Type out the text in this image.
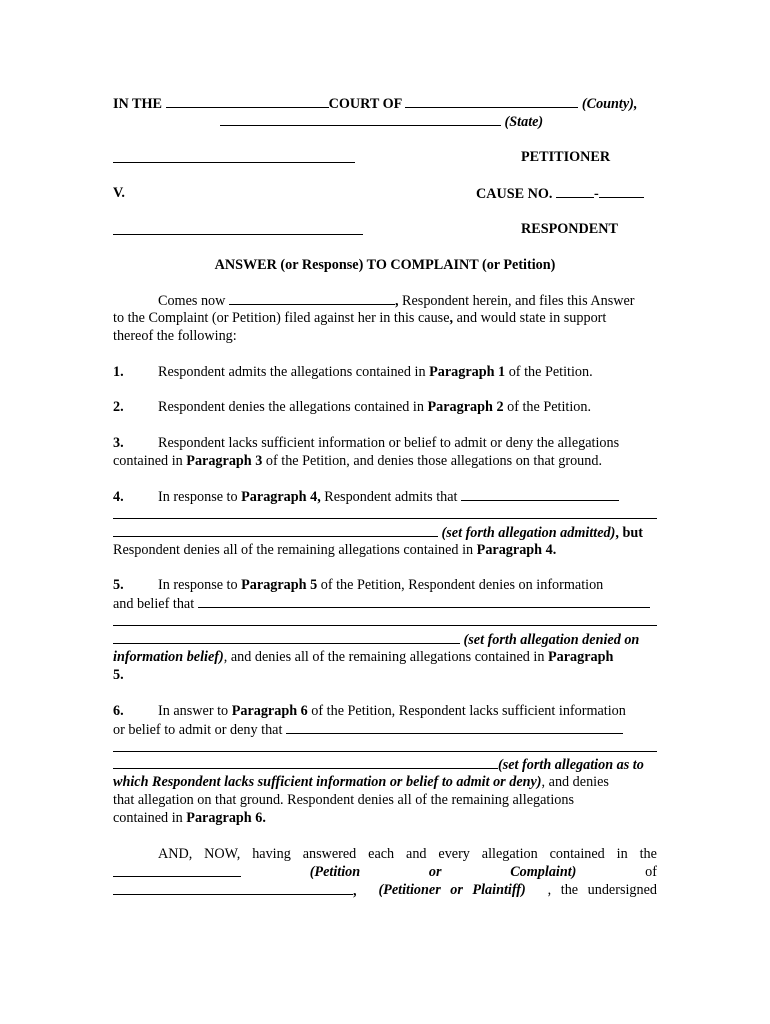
IN THE	COURT OF	(County),
(State)
PETITIONER
V.	CAUSE NO.	-
RESPONDENT
ANSWER (or Response) TO COMPLAINT (or Petition)
Comes now	, Respondent herein, and files this Answer
to the Complaint (or Petition) filed against her in this cause, and would state in support
thereof the following:
1. Respondent admits the allegations contained in Paragraph 1 of the Petition.
2. Respondent denies the allegations contained in Paragraph 2 of the Petition.
3. Respondent lacks sufficient information or belief to admit or deny the allegations
contained in Paragraph 3 of the Petition, and denies those allegations on that ground.
4. In response to Paragraph 4, Respondent admits that
(set forth allegation admitted), but
Respondent denies all of the remaining allegations contained in Paragraph 4.
5. In response to Paragraph 5 of the Petition, Respondent denies on information
and belief that
(set forth allegation denied on
information belief), and denies all of the remaining allegations contained in Paragraph
5.
6. In answer to Paragraph 6 of the Petition, Respondent lacks sufficient information
or belief to admit or deny that
(set forth allegation as to
which Respondent lacks sufficient information or belief to admit or deny), and denies
that allegation on that ground. Respondent denies all of the remaining allegations
contained in Paragraph 6.
AND, NOW, having answered each and every allegation contained in the
(Petition	or	Complaint)	of
, (Petitioner or Plaintiff) , the undersigned
